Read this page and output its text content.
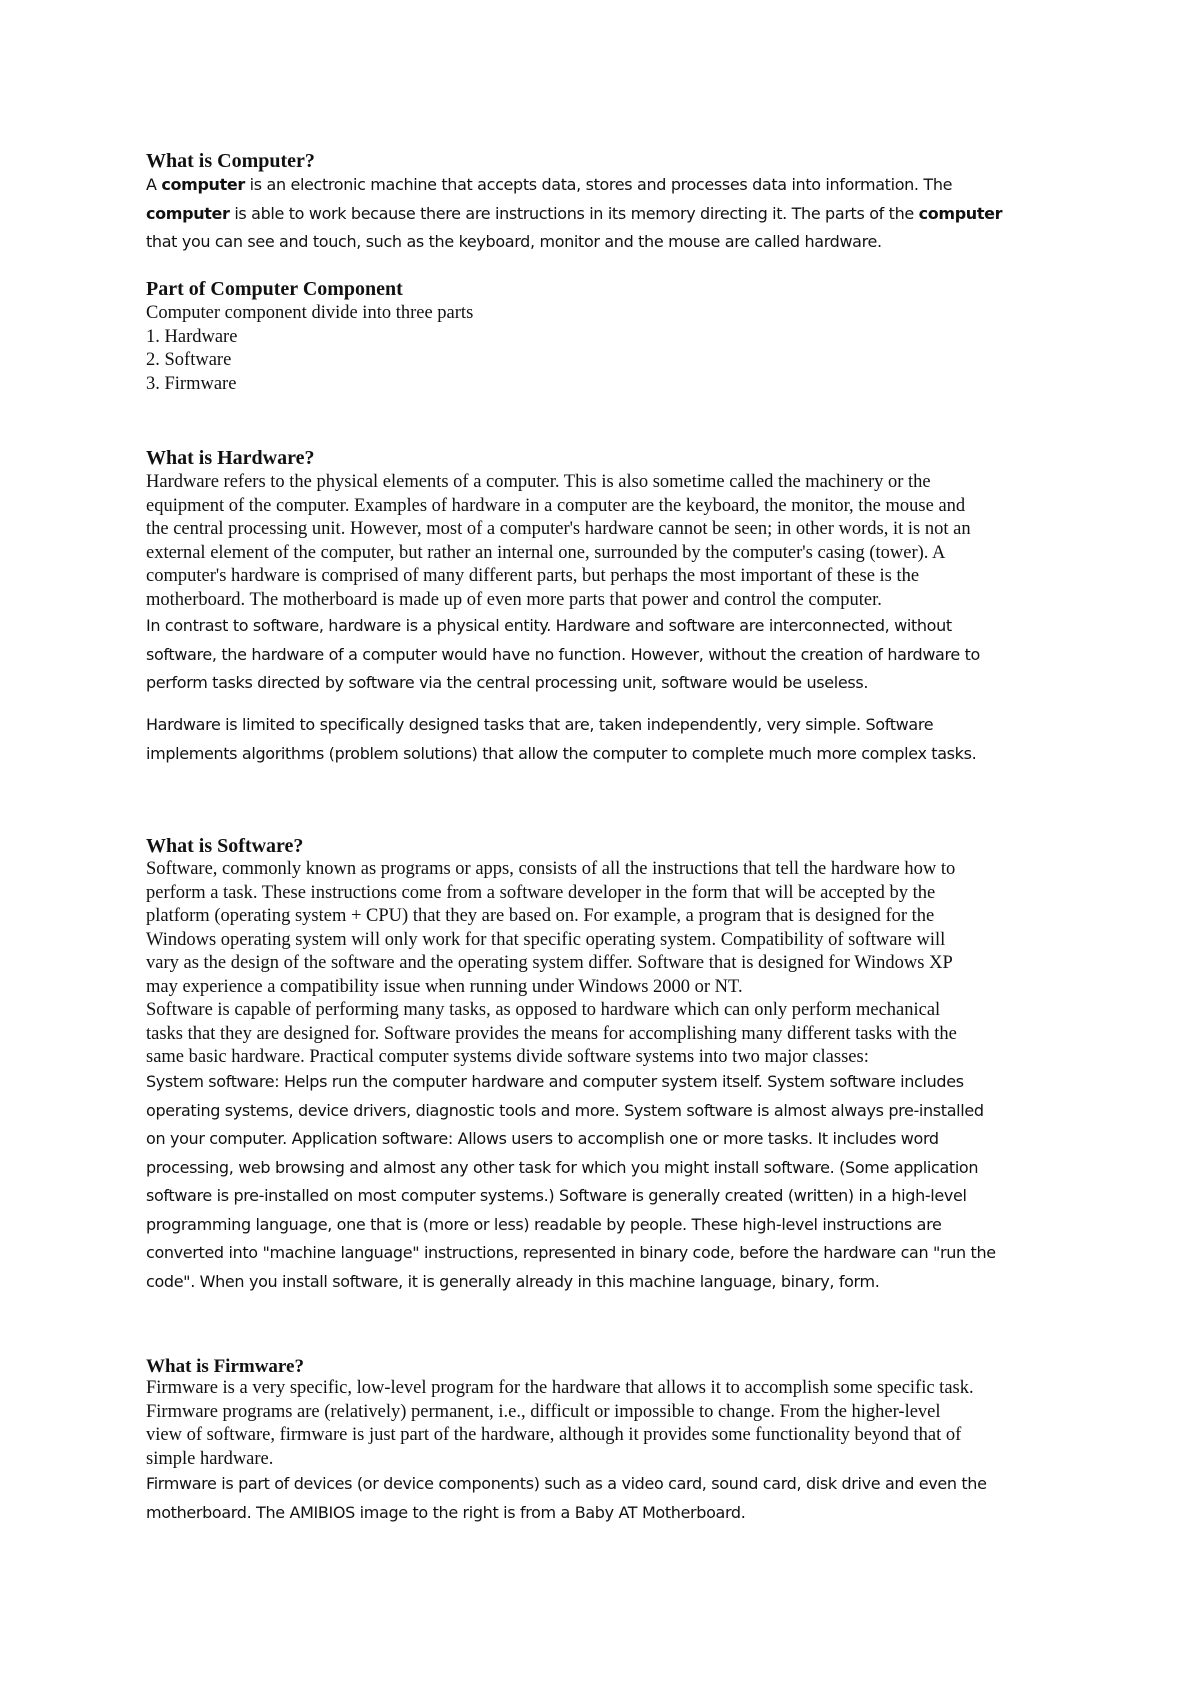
What is Computer?
A computer is an electronic machine that accepts data, stores and processes data into information. The
computer is able to work because there are instructions in its memory directing it. The parts of the computer
that you can see and touch, such as the keyboard, monitor and the mouse are called hardware.
Part of Computer Component
Computer component divide into three parts
1. Hardware
2. Software
3. Firmware
What is Hardware?
Hardware refers to the physical elements of a computer. This is also sometime called the machinery or the
equipment of the computer. Examples of hardware in a computer are the keyboard, the monitor, the mouse and
the central processing unit. However, most of a computer's hardware cannot be seen; in other words, it is not an
external element of the computer, but rather an internal one, surrounded by the computer's casing (tower). A
computer's hardware is comprised of many different parts, but perhaps the most important of these is the
motherboard. The motherboard is made up of even more parts that power and control the computer.
In contrast to software, hardware is a physical entity. Hardware and software are interconnected, without
software, the hardware of a computer would have no function. However, without the creation of hardware to
perform tasks directed by software via the central processing unit, software would be useless.
Hardware is limited to specifically designed tasks that are, taken independently, very simple. Software
implements algorithms (problem solutions) that allow the computer to complete much more complex tasks.
What is Software?
Software, commonly known as programs or apps, consists of all the instructions that tell the hardware how to
perform a task. These instructions come from a software developer in the form that will be accepted by the
platform (operating system + CPU) that they are based on. For example, a program that is designed for the
Windows operating system will only work for that specific operating system. Compatibility of software will
vary as the design of the software and the operating system differ. Software that is designed for Windows XP
may experience a compatibility issue when running under Windows 2000 or NT.
Software is capable of performing many tasks, as opposed to hardware which can only perform mechanical
tasks that they are designed for. Software provides the means for accomplishing many different tasks with the
same basic hardware. Practical computer systems divide software systems into two major classes:
System software: Helps run the computer hardware and computer system itself. System software includes
operating systems, device drivers, diagnostic tools and more. System software is almost always pre-installed
on your computer. Application software: Allows users to accomplish one or more tasks. It includes word
processing, web browsing and almost any other task for which you might install software. (Some application
software is pre-installed on most computer systems.) Software is generally created (written) in a high-level
programming language, one that is (more or less) readable by people. These high-level instructions are
converted into "machine language" instructions, represented in binary code, before the hardware can "run the
code". When you install software, it is generally already in this machine language, binary, form.
What is Firmware?
Firmware is a very specific, low-level program for the hardware that allows it to accomplish some specific task.
Firmware programs are (relatively) permanent, i.e., difficult or impossible to change. From the higher-level
view of software, firmware is just part of the hardware, although it provides some functionality beyond that of
simple hardware.
Firmware is part of devices (or device components) such as a video card, sound card, disk drive and even the
motherboard. The AMIBIOS image to the right is from a Baby AT Motherboard.
